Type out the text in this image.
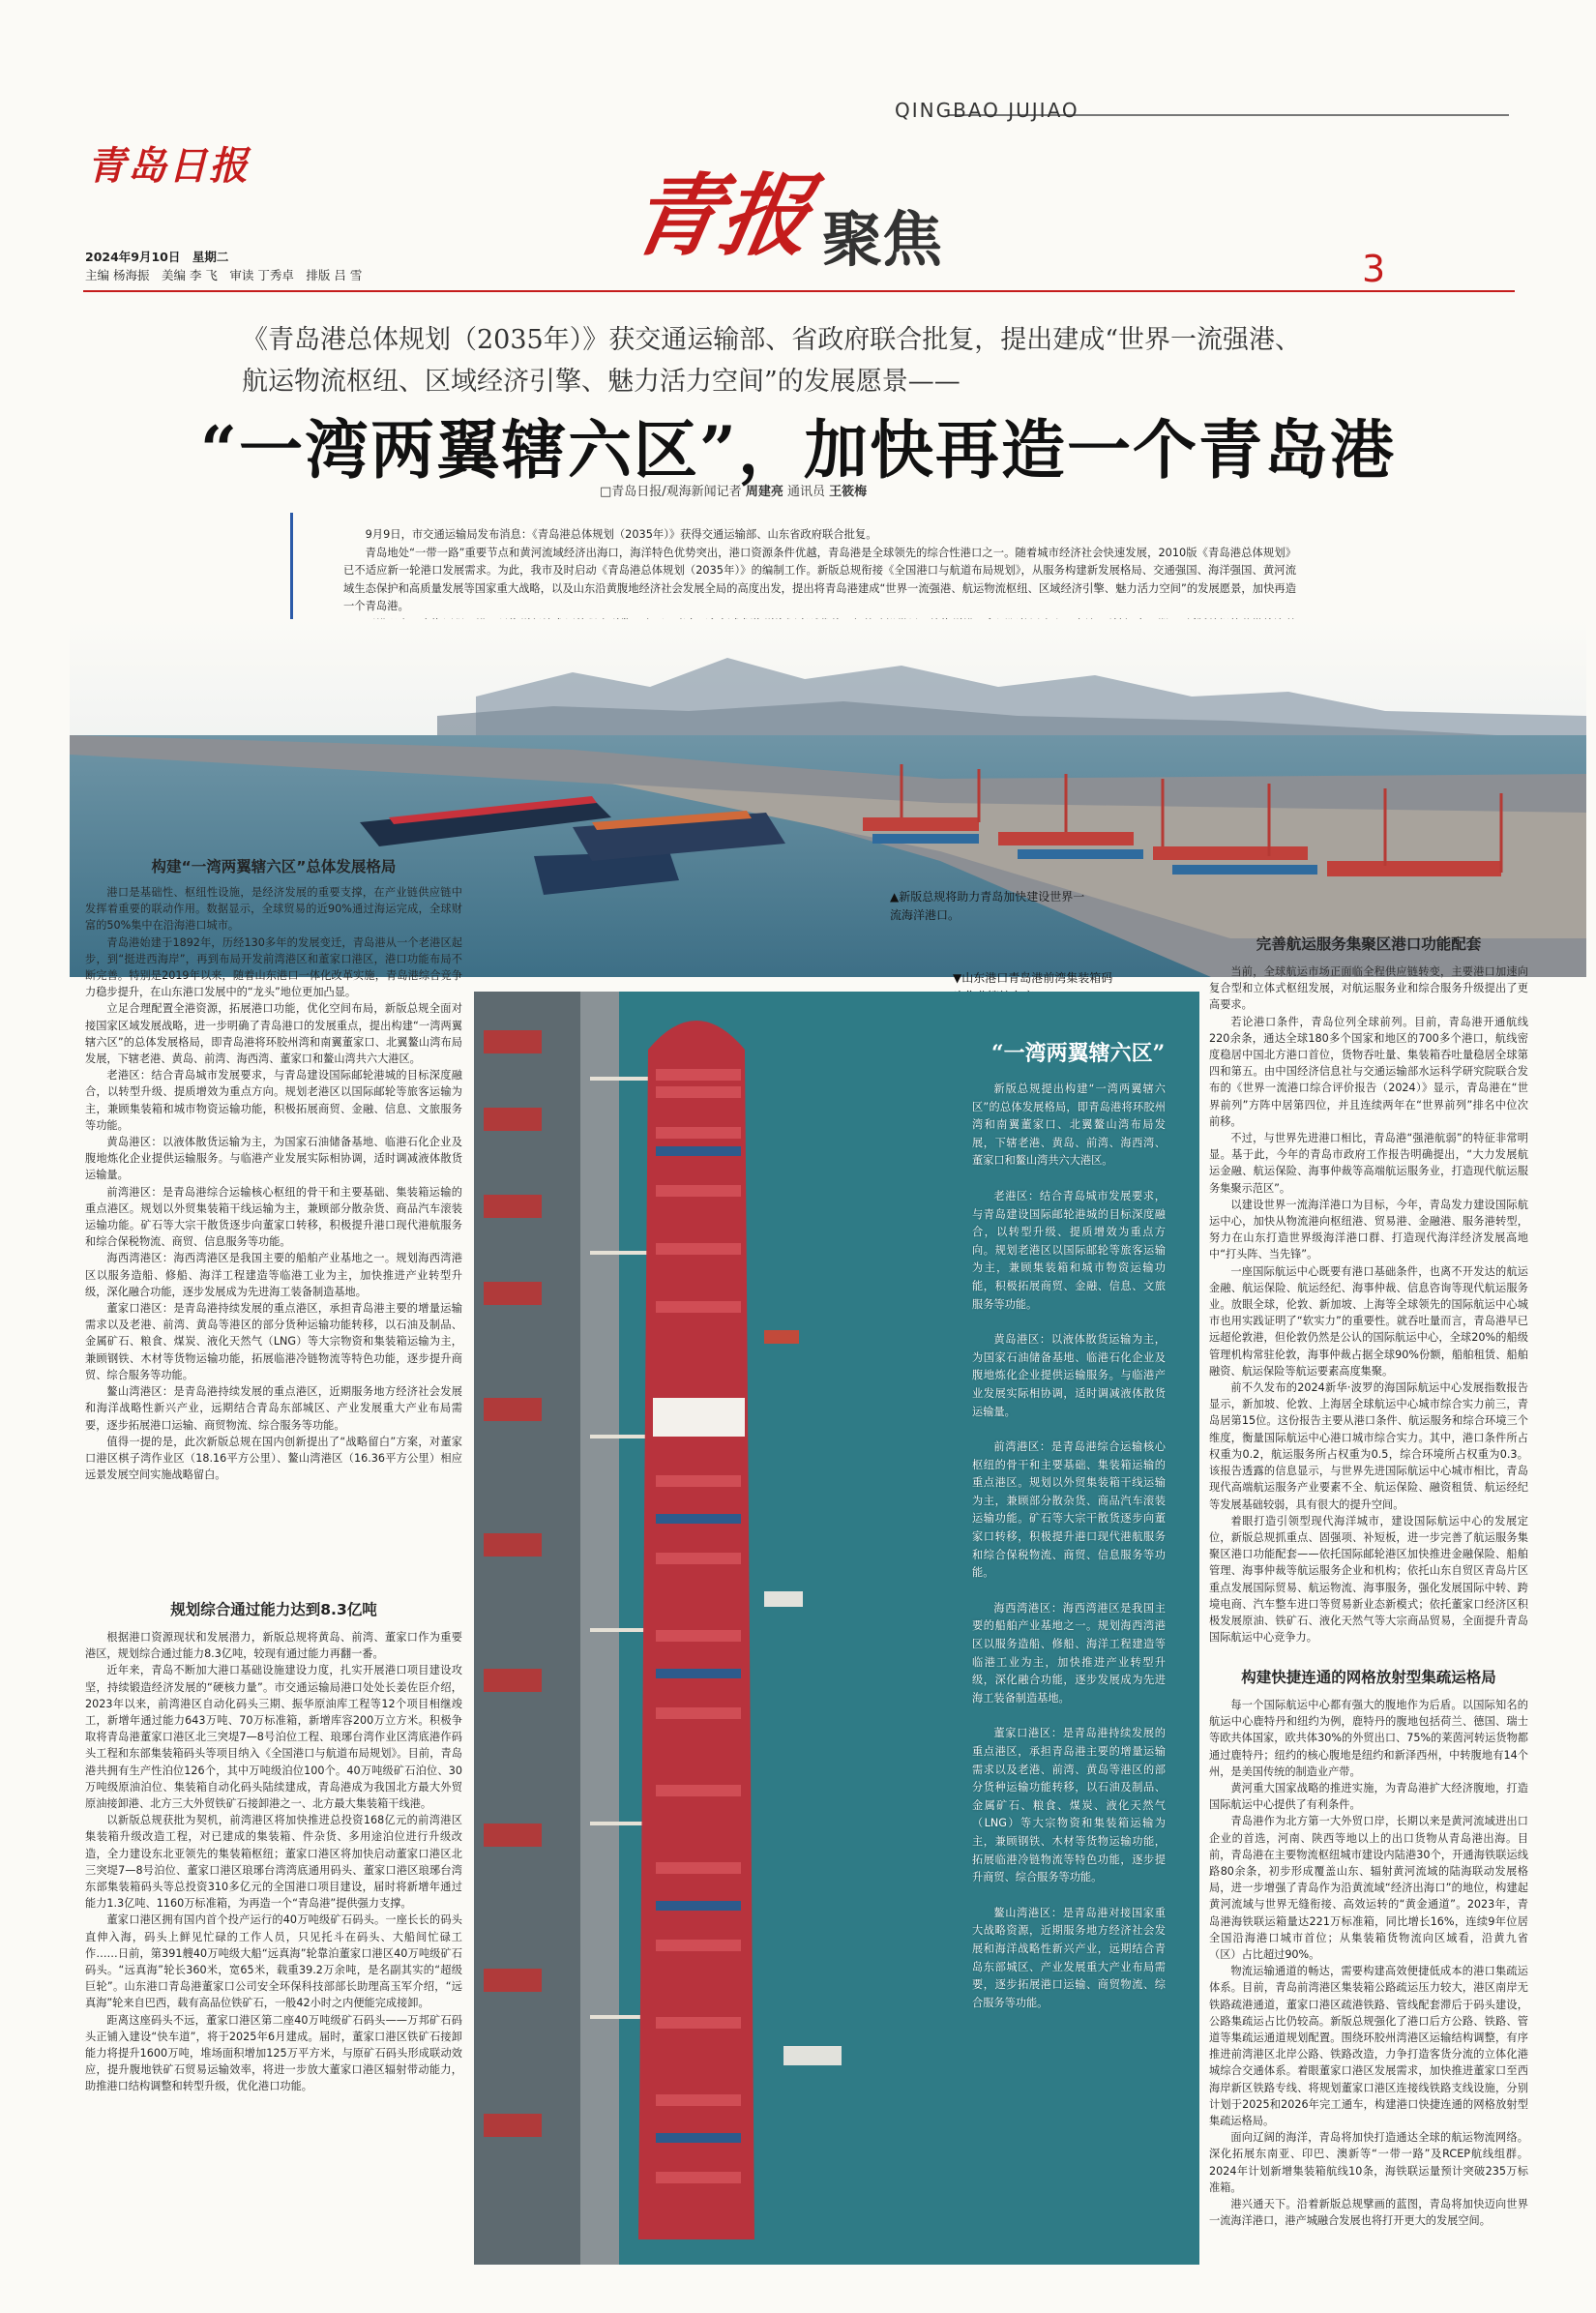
QINGBAO JUJIAO
青岛日报
2024年9月10日　星期二
主编 杨海振　美编 李 飞　审读 丁秀卓　排版 吕 雪
青报 聚焦	3
《青岛港总体规划（2035年）》获交通运输部、省政府联合批复，提出建成“世界一流强港、
航运物流枢纽、区域经济引擎、魅力活力空间”的发展愿景——
“一湾两翼辖六区”，加快再造一个青岛港
□青岛日报/观海新闻记者 周建亮 通讯员 王筱梅
9月9日，市交通运输局发布消息：《青岛港总体规划（2035年）》获得交通运输部、山东省政府联合批复。
青岛地处“一带一路”重要节点和黄河流域经济出海口，海洋特色优势突出，港口资源条件优越，青岛港是全球领先的综合性港口之一。随着城市经济社会快速发展，2010版《青岛港总体规划》已不适应新一轮港口发展需求。为此，我市及时启动《青岛港总体规划（2035年）》的编制工作。新版总规衔接《全国港口与航道布局规划》，从服务构建新发展格局、交通强国、海洋强国、黄河流域生态保护和高质量发展等国家重大战略，以及山东沿黄腹地经济社会发展全局的高度出发，提出将青岛港建成“世界一流强港、航运物流枢纽、区域经济引擎、魅力活力空间”的发展愿景，加快再造一个青岛港。
▲新版总规将助力青岛加快建设世界一流海洋港口。
▼山东港口青岛港前湾集装箱码
构建“一湾两翼辖六区”总体发展格局

港口是基础性、枢纽性设施，是经济发展的重要支撑，在产业链供应链中发挥着重要的联动作用。数据显示，全球贸易的近90%通过海运完成，全球财富的50%集中在沿海港口城市。

青岛港始建于1892年，历经130多年的发展变迁，青岛港从一个老港区起步，到“挺进西海岸”，再到布局开发前湾港区和董家口港区，港口功能布局不断完善。特别是2019年以来，随着山东港口一体化改革实施，青岛港综合竞争力稳步提升，在山东港口发展中的“龙头”地位更加凸显。

立足合理配置全港资源，拓展港口功能，优化空间布局，新版总规全面对接国家区域发展战略，进一步明确了青岛港口的发展重点，提出构建“一湾两翼辖六区”的总体发展格局，即青岛港将环胶州湾和南翼董家口、北翼鳌山湾布局发展，下辖老港、黄岛、前湾、海西湾、董家口和鳌山湾共六大港区。

老港区：结合青岛城市发展要求，与青岛建设国际邮轮港城的目标深度融合，以转型升级、提质增效为重点方向。规划老港区以国际邮轮等旅客运输为主，兼顾集装箱和城市物资运输功能，积极拓展商贸、金融、信息、文旅服务等功能。

黄岛港区：以液体散货运输为主，为国家石油储备基地、临港石化企业及腹地炼化企业提供运输服务。与临港产业发展实际相协调，适时调减液体散货运输量。

前湾港区：是青岛港综合运输核心枢纽的骨干和主要基础、集装箱运输的重点港区。规划以外贸集装箱干线运输为主，兼顾部分散杂货、商品汽车滚装运输功能。矿石等大宗干散货逐步向董家口转移，积极提升港口现代港航服务和综合保税物流、商贸、信息服务等功能。

海西湾港区：海西湾港区是我国主要的船舶产业基地之一。规划海西湾港区以服务造船、修船、海洋工程建造等临港工业为主，加快推进产业转型升级，深化融合功能，逐步发展成为先进海工装备制造基地。

董家口港区：是青岛港持续发展的重点港区，承担青岛港主要的增量运输需求以及老港、前湾、黄岛等港区的部分货种运输功能转移，以石油及制品、金属矿石、粮食、煤炭、液化天然气（LNG）等大宗物资和集装箱运输为主，兼顾钢铁、木材等货物运输功能，拓展临港冷链物流等特色功能，逐步提升商贸、综合服务等功能。

鳌山湾港区：是青岛港持续发展的重点港区，近期服务地方经济社会发展和海洋战略性新兴产业，远期结合青岛东部城区、产业发展重大产业布局需要，逐步拓展港口运输、商贸物流、综合服务等功能。

值得一提的是，此次新版总规在国内创新提出了“战略留白”方案，对董家口港区棋子湾作业区（18.16平方公里）、鳌山湾港区（16.36平方公里）相应远景发展空间实施战略留白。

规划综合通过能力达到8.3亿吨

根据港口资源现状和发展潜力，新版总规将黄岛、前湾、董家口作为重要港区，规划综合通过能力8.3亿吨，较现有通过能力再翻一番。

近年来，青岛不断加大港口基础设施建设力度，扎实开展港口项目建设攻坚，持续锻造经济发展的“硬核力量”。市交通运输局港口处处长姜佐臣介绍，2023年以来，前湾港区自动化码头三期、振华原油库工程等12个项目相继竣工，新增年通过能力643万吨、70万标准箱，新增库容200万立方米。积极争取将青岛港董家口港区北三突堤7—8号泊位工程、琅琊台湾作业区湾底港作码头工程和东部集装箱码头等项目纳入《全国港口与航道布局规划》。目前，青岛港共拥有生产性泊位126个，其中万吨级泊位100个。40万吨级矿石泊位、30万吨级原油泊位、集装箱自动化码头陆续建成，青岛港成为我国北方最大外贸原油接卸港、北方三大外贸铁矿石接卸港之一、北方最大集装箱干线港。

以新版总规获批为契机，前湾港区将加快推进总投资168亿元的前湾港区集装箱升级改造工程，对已建成的集装箱、件杂货、多用途泊位进行升级改造，全力建设东北亚领先的集装箱枢纽；董家口港区将加快启动董家口港区北三突堤7—8号泊位、董家口港区琅琊台湾湾底通用码头、董家口港区琅琊台湾东部集装箱码头等总投资310多亿元的全国港口项目建设，届时将新增年通过能力1.3亿吨、1160万标准箱，为再造一个“青岛港”提供强力支撑。

董家口港区拥有国内首个投产运行的40万吨级矿石码头。一座长长的码头直伸入海，码头上鲜见忙碌的工作人员，只见托斗在码头、大船间忙碌工作……日前，第391艘40万吨级大船“远真海”轮靠泊董家口港区40万吨级矿石码头。“远真海”轮长360米，宽65米，载重39.2万余吨，是名副其实的“超级巨轮”。山东港口青岛港董家口公司安全环保科技部部长助理高玉军介绍，“远真海”轮来自巴西，载有高品位铁矿石，一般42小时之内便能完成接卸。

距离这座码头不远，董家口港区第二座40万吨级矿石码头——万邦矿石码头正铺入建设“快车道”，将于2025年6月建成。届时，董家口港区铁矿石接卸能力将提升1600万吨，堆场面积增加125万平方米，与原矿石码头形成联动效应，提升腹地铁矿石贸易运输效率，将进一步放大董家口港区辐射带动能力，助推港口结构调整和转型升级，优化港口功能。

“一湾两翼辖六区”

新版总规提出构建“一湾两翼辖六区”的总体发展格局，即青岛港将环胶州湾和南翼董家口、北翼鳌山湾布局发展，下辖老港、黄岛、前湾、海西湾、董家口和鳌山湾共六大港区。

老港区：结合青岛城市发展要求，与青岛建设国际邮轮港城的目标深度融合，以转型升级、提质增效为重点方向。规划老港区以国际邮轮等旅客运输为主，兼顾集装箱和城市物资运输功能，积极拓展商贸、金融、信息、文旅服务等功能。

黄岛港区：以液体散货运输为主，为国家石油储备基地、临港石化企业及腹地炼化企业提供运输服务。与临港产业发展实际相协调，适时调减液体散货运输量。

前湾港区：是青岛港综合运输核心枢纽的骨干和主要基础、集装箱运输的重点港区。规划以外贸集装箱干线运输为主，兼顾部分散杂货、商品汽车滚装运输功能。矿石等大宗干散货逐步向董家口转移，积极提升港口现代港航服务和综合保税物流、商贸、信息服务等功能。

海西湾港区：海西湾港区是我国主要的船舶产业基地之一。规划海西湾港区以服务造船、修船、海洋工程建造等临港工业为主，加快推进产业转型升级，深化融合功能，逐步发展成为先进海工装备制造基地。

董家口港区：是青岛港持续发展的重点港区，承担青岛港主要的增量运输需求以及老港、前湾、黄岛等港区的部分货种运输功能转移，以石油及制品、金属矿石、粮食、煤炭、液化天然气（LNG）等大宗物资和集装箱运输为主，兼顾钢铁、木材等货物运输功能，拓展临港冷链物流等特色功能，逐步提升商贸、综合服务等功能。

鳌山湾港区：是青岛港对接国家重大战略资源，近期服务地方经济社会发展和海洋战略性新兴产业，远期结合青岛东部城区、产业发展重大产业布局需要，逐步拓展港口运输、商贸物流、综合服务等功能。

完善航运服务集聚区港口功能配套

当前，全球航运市场正面临全程供应链转变，主要港口加速向复合型和立体式枢纽发展，对航运服务业和综合服务升级提出了更高要求。

若论港口条件，青岛位列全球前列。目前，青岛港开通航线220余条，通达全球180多个国家和地区的700多个港口，航线密度稳居中国北方港口首位，货物吞吐量、集装箱吞吐量稳居全球第四和第五。由中国经济信息社与交通运输部水运科学研究院联合发布的《世界一流港口综合评价报告（2024）》显示，青岛港在“世界前列”方阵中居第四位，并且连续两年在“世界前列”排名中位次前移。

不过，与世界先进港口相比，青岛港“强港航弱”的特征非常明显。基于此，今年的青岛市政府工作报告明确提出，“大力发展航运金融、航运保险、海事仲裁等高端航运服务业，打造现代航运服务集聚示范区”。

以建设世界一流海洋港口为目标，今年，青岛发力建设国际航运中心，加快从物流港向枢纽港、贸易港、金融港、服务港转型，努力在山东打造世界级海洋港口群、打造现代海洋经济发展高地中“打头阵、当先锋”。

一座国际航运中心既要有港口基础条件，也离不开发达的航运金融、航运保险、航运经纪、海事仲裁、信息咨询等现代航运服务业。放眼全球，伦敦、新加坡、上海等全球领先的国际航运中心城市也用实践证明了“软实力”的重要性。就吞吐量而言，青岛港早已远超伦敦港，但伦敦仍然是公认的国际航运中心，全球20%的船级管理机构常驻伦敦，海事仲裁占据全球90%份额，船舶租赁、船舶融资、航运保险等航运要素高度集聚。

前不久发布的2024新华·波罗的海国际航运中心发展指数报告显示，新加坡、伦敦、上海居全球航运中心城市综合实力前三，青岛居第15位。这份报告主要从港口条件、航运服务和综合环境三个维度，衡量国际航运中心港口城市综合实力。其中，港口条件所占权重为0.2，航运服务所占权重为0.5，综合环境所占权重为0.3。该报告透露的信息显示，与世界先进国际航运中心城市相比，青岛现代高端航运服务产业要素不全、航运保险、融资租赁、航运经纪等发展基础较弱，具有很大的提升空间。

着眼打造引领型现代海洋城市，建设国际航运中心的发展定位，新版总规抓重点、固强项、补短板，进一步完善了航运服务集聚区港口功能配套——依托国际邮轮港区加快推进金融保险、船舶管理、海事仲裁等航运服务企业和机构；依托山东自贸区青岛片区重点发展国际贸易、航运物流、海事服务，强化发展国际中转、跨境电商、汽车整车进口等贸易新业态新模式；依托董家口经济区积极发展原油、铁矿石、液化天然气等大宗商品贸易，全面提升青岛国际航运中心竞争力。

构建快捷连通的网格放射型集疏运格局

每一个国际航运中心都有强大的腹地作为后盾。以国际知名的航运中心鹿特丹和纽约为例，鹿特丹的腹地包括荷兰、德国、瑞士等欧共体国家，欧共体30%的外贸出口、75%的莱茵河转运货物都通过鹿特丹；纽约的核心腹地是纽约和新泽西州，中转腹地有14个州，是美国传统的制造业产带。

黄河重大国家战略的推进实施，为青岛港扩大经济腹地，打造国际航运中心提供了有利条件。

青岛港作为北方第一大外贸口岸，长期以来是黄河流域进出口企业的首选，河南、陕西等地以上的出口货物从青岛港出海。目前，青岛港在主要物流枢纽城市建设内陆港30个，开通海铁联运线路80余条，初步形成覆盖山东、辐射黄河流域的陆海联动发展格局，进一步增强了青岛作为沿黄流域“经济出海口”的地位，构建起黄河流域与世界无缝衔接、高效运转的“黄金通道”。2023年，青岛港海铁联运箱量达221万标准箱，同比增长16%，连续9年位居全国沿海港口城市首位；从集装箱货物流向区域看，沿黄九省（区）占比超过90%。

物流运输通道的畅达，需要构建高效便捷低成本的港口集疏运体系。目前，青岛前湾港区集装箱公路疏运压力较大，港区南岸无铁路疏港通道，董家口港区疏港铁路、管线配套滞后于码头建设，公路集疏运占比仍较高。新版总规强化了港口后方公路、铁路、管道等集疏运通道规划配置。围绕环胶州湾港区运输结构调整，有序推进前湾港区北岸公路、铁路改造，力争打造客货分流的立体化港城综合交通体系。着眼董家口港区发展需求，加快推进董家口至西海岸新区铁路专线、将规划董家口港区连接线铁路支线设施，分别计划于2025和2026年完工通车，构建港口快捷连通的网格放射型集疏运格局。

面向辽阔的海洋，青岛将加快打造通达全球的航运物流网络。深化拓展东南亚、印巴、澳新等“一带一路”及RCEP航线组群。2024年计划新增集装箱航线10条，海铁联运量预计突破235万标准箱。

港兴通天下。沿着新版总规擘画的蓝图，青岛将加快迈向世界一流海洋港口，港产城融合发展也将打开更大的发展空间。
